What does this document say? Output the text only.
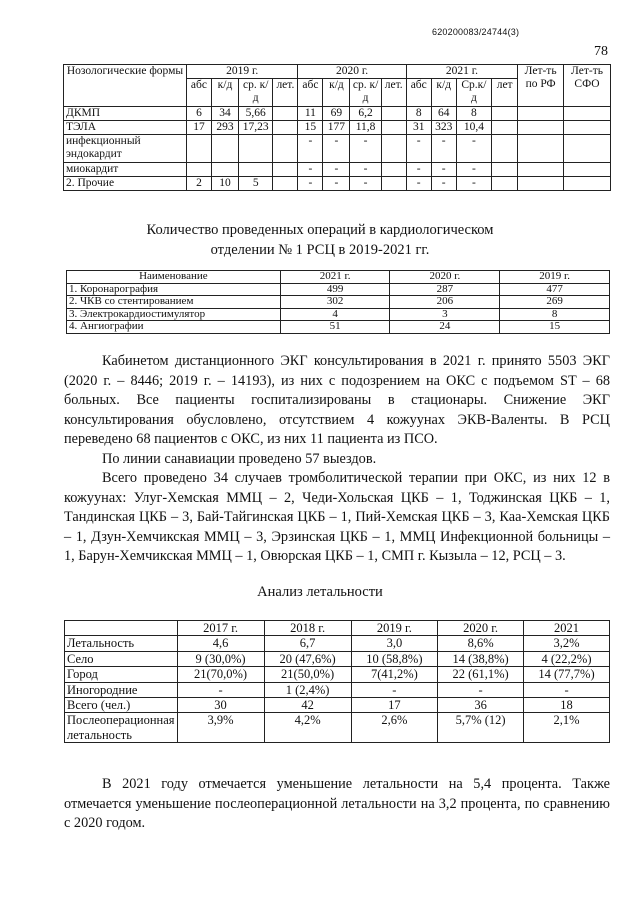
620200083/24744(3)
78
Нозологические формы	2019 г.				2020 г.				2021 г.				Лет-ть по РФ	Лет-ть СФО
	абс	к/д	ср. к/д	лет.	абс	к/д	ср. к/д	лет.	абс	к/д	Ср.к/д	лет		
ДКМП	6	34	5,66		11	69	6,2		8	64	8			
ТЭЛА	17	293	17,23		15	177	11,8		31	323	10,4			
инфекционный эндокардит					-	-	-		-	-	-			
миокардит					-	-	-		-	-	-			
2. Прочие	2	10	5		-	-	-		-	-	-			
Количество проведенных операций в кардиологическом отделении № 1 РСЦ в 2019-2021 гг.
Наименование	2021 г.	2020 г.	2019 г.
1. Коронарография	499	287	477
2. ЧКВ со стентированием	302	206	269
3. Электрокардиостимулятор	4	3	8
4. Ангиографии	51	24	15

Кабинетом дистанционного ЭКГ консультирования в 2021 г. принято 5503 ЭКГ (2020 г. – 8446; 2019 г. – 14193), из них с подозрением на ОКС с подъемом ST – 68 больных. Все пациенты госпитализированы в стационары. Снижение ЭКГ консультирования обусловлено, отсутствием 4 кожуунах ЭКВ-Валенты. В РСЦ переведено 68 пациентов с ОКС, из них 11 пациента из ПСО.

По линии санавиации проведено 57 выездов.

Всего проведено 34 случаев тромболитической терапии при ОКС, из них 12 в кожуунах: Улуг-Хемская ММЦ – 2, Чеди-Хольская ЦКБ – 1, Тоджинская ЦКБ – 1, Тандинская ЦКБ – 3, Бай-Тайгинская ЦКБ – 1, Пий-Хемская ЦКБ – 3, Каа-Хемская ЦКБ – 1, Дзун-Хемчикская ММЦ – 3, Эрзинская ЦКБ – 1, ММЦ Инфекционной больницы – 1, Барун-Хемчикская ММЦ – 1, Овюрская ЦКБ – 1, СМП г. Кызыла – 12, РСЦ – 3.

Анализ летальности
	2017 г.	2018 г.	2019 г.	2020 г.	2021
Летальность	4,6	6,7	3,0	8,6%	3,2%
Село	9 (30,0%)	20 (47,6%)	10 (58,8%)	14 (38,8%)	4 (22,2%)
Город	21(70,0%)	21(50,0%)	7(41,2%)	22 (61,1%)	14 (77,7%)
Иногородние	-	1 (2,4%)	-	-	-
Всего (чел.)	30	42	17	36	18
Послеоперационная летальность	3,9%	4,2%	2,6%	5,7% (12)	2,1%

В 2021 году отмечается уменьшение летальности на 5,4 процента. Также отмечается уменьшение послеоперационной летальности на 3,2 процента, по сравнению с 2020 годом.
